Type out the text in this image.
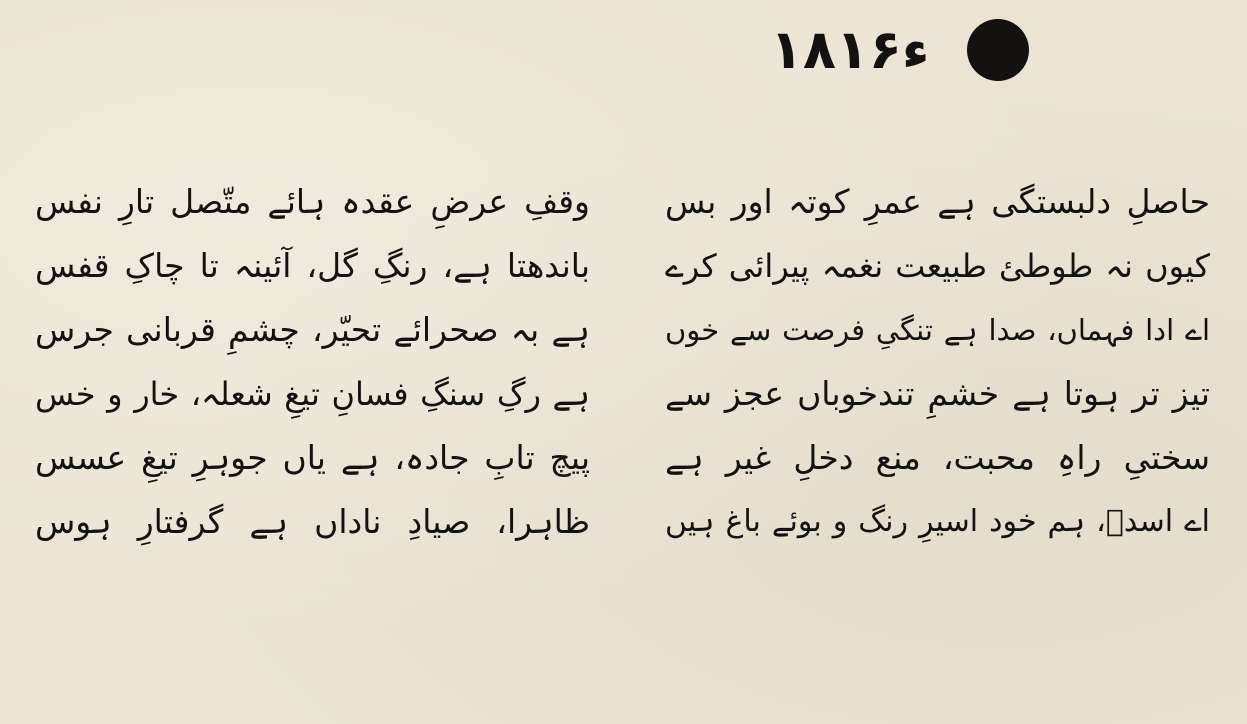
۱۸۱۶ء
حاصلِ دلبستگی ہے عمرِ کوتہ اور بس
کیوں نہ طوطئ طبیعت نغمہ پیرائی کرے
اے ادا فہماں، صدا ہے تنگیِ فرصت سے خوں
تیز تر ہوتا ہے خشمِ تندخوباں عجز سے
سختیِ راہِ محبت، منع دخلِ غیر ہے
اے اسدؔ، ہم خود اسیرِ رنگ و بوئے باغ ہیں
وقفِ عرضِ عقدہ ہائے متّصل تارِ نفس
باندھتا ہے، رنگِ گل، آئینہ تا چاکِ قفس
ہے بہ صحرائے تحیّر، چشمِ قربانی جرس
ہے رگِ سنگِ فسانِ تیغِ شعلہ، خار و خس
پیچ تابِ جادہ، ہے یاں جوہرِ تیغِ عسس
ظاہرا، صیادِ ناداں ہے گرفتارِ ہوس
